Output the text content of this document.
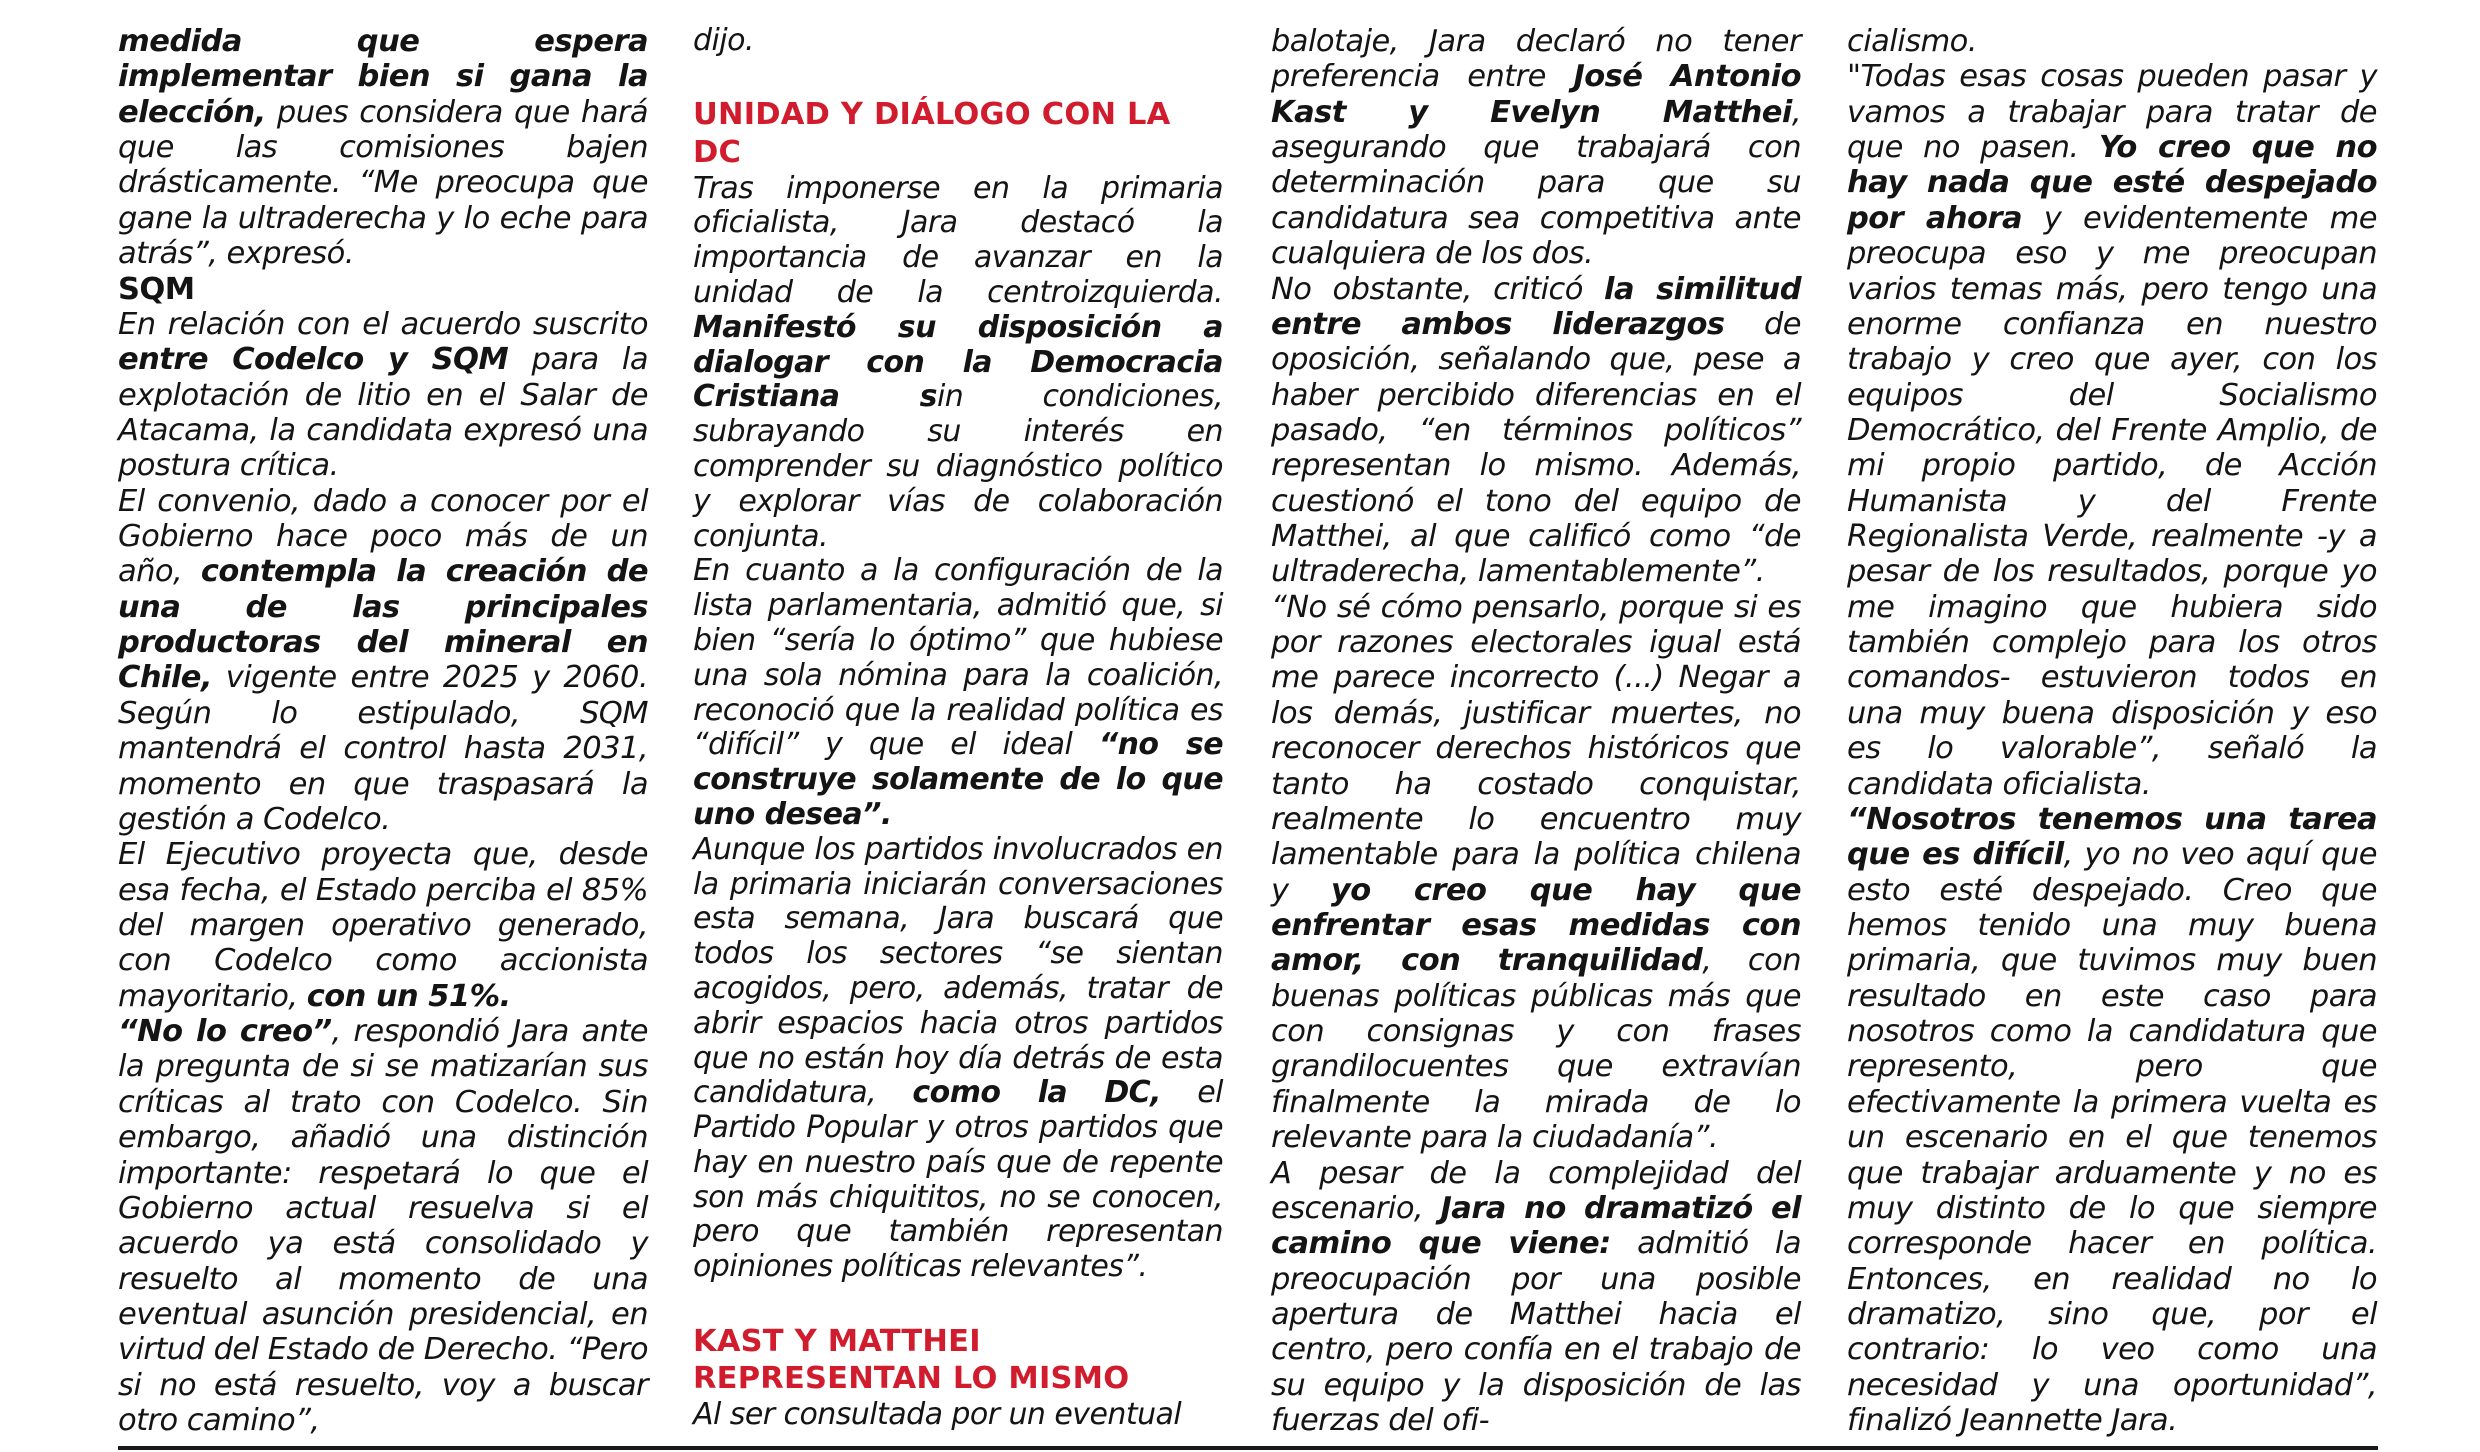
medida que espera implementar bien si gana la elección, pues considera que hará que las comisiones bajen drásticamente. “Me preocupa que gane la ultraderecha y lo eche para atrás”, expresó.

SQM

En relación con el acuerdo suscrito entre Codelco y SQM para la explotación de litio en el Salar de Atacama, la candidata expresó una postura crítica.

El convenio, dado a conocer por el Gobierno hace poco más de un año, contempla la creación de una de las principales productoras del mineral en Chile, vigente entre 2025 y 2060. Según lo estipulado, SQM mantendrá el control hasta 2031, momento en que traspasará la gestión a Codelco.

El Ejecutivo proyecta que, desde esa fecha, el Estado perciba el 85% del margen operativo generado, con Codelco como accionista mayoritario, con un 51%.

“No lo creo”, respondió Jara ante la pregunta de si se matizarían sus críticas al trato con Codelco. Sin embargo, añadió una distinción importante: respetará lo que el Gobierno actual resuelva si el acuerdo ya está consolidado y resuelto al momento de una eventual asunción presidencial, en virtud del Estado de Derecho. “Pero si no está resuelto, voy a buscar otro camino”,

dijo.

UNIDAD Y DIÁLOGO CON LA DC

Tras imponerse en la primaria oficialista, Jara destacó la importancia de avanzar en la unidad de la centroizquierda. Manifestó su disposición a dialogar con la Democracia Cristiana sin condiciones, subrayando su interés en comprender su diagnóstico político y explorar vías de colaboración conjunta.

En cuanto a la configuración de la lista parlamentaria, admitió que, si bien “sería lo óptimo” que hubiese una sola nómina para la coalición, reconoció que la realidad política es “difícil” y que el ideal “no se construye solamente de lo que uno desea”.

Aunque los partidos involucrados en la primaria iniciarán conversaciones esta semana, Jara buscará que todos los sectores “se sientan acogidos, pero, además, tratar de abrir espacios hacia otros partidos que no están hoy día detrás de esta candidatura, como la DC, el Partido Popular y otros partidos que hay en nuestro país que de repente son más chiquititos, no se conocen, pero que también representan opiniones políticas relevantes”.

KAST Y MATTHEI REPRESENTAN LO MISMO

Al ser consultada por un eventual

balotaje, Jara declaró no tener preferencia entre José Antonio Kast y Evelyn Matthei, asegurando que trabajará con determinación para que su candidatura sea competitiva ante cualquiera de los dos.

No obstante, criticó la similitud entre ambos liderazgos de oposición, señalando que, pese a haber percibido diferencias en el pasado, “en términos políticos” representan lo mismo. Además, cuestionó el tono del equipo de Matthei, al que calificó como “de ultraderecha, lamentablemente”.

“No sé cómo pensarlo, porque si es por razones electorales igual está me parece incorrecto (...) Negar a los demás, justificar muertes, no reconocer derechos históricos que tanto ha costado conquistar, realmente lo encuentro muy lamentable para la política chilena y yo creo que hay que enfrentar esas medidas con amor, con tranquilidad, con buenas políticas públicas más que con consignas y con frases grandilocuentes que extravían finalmente la mirada de lo relevante para la ciudadanía”.

A pesar de la complejidad del escenario, Jara no dramatizó el camino que viene: admitió la preocupación por una posible apertura de Matthei hacia el centro, pero confía en el trabajo de su equipo y la disposición de las fuerzas del ofi-

cialismo.

"Todas esas cosas pueden pasar y vamos a trabajar para tratar de que no pasen. Yo creo que no hay nada que esté despejado por ahora y evidentemente me preocupa eso y me preocupan varios temas más, pero tengo una enorme confianza en nuestro trabajo y creo que ayer, con los equipos del Socialismo Democrático, del Frente Amplio, de mi propio partido, de Acción Humanista y del Frente Regionalista Verde, realmente -y a pesar de los resultados, porque yo me imagino que hubiera sido también complejo para los otros comandos- estuvieron todos en una muy buena disposición y eso es lo valorable”, señaló la candidata oficialista.

“Nosotros tenemos una tarea que es difícil, yo no veo aquí que esto esté despejado. Creo que hemos tenido una muy buena primaria, que tuvimos muy buen resultado en este caso para nosotros como la candidatura que represento, pero que efectivamente la primera vuelta es un escenario en el que tenemos que trabajar arduamente y no es muy distinto de lo que siempre corresponde hacer en política. Entonces, en realidad no lo dramatizo, sino que, por el contrario: lo veo como una necesidad y una oportunidad”, finalizó Jeannette Jara.
